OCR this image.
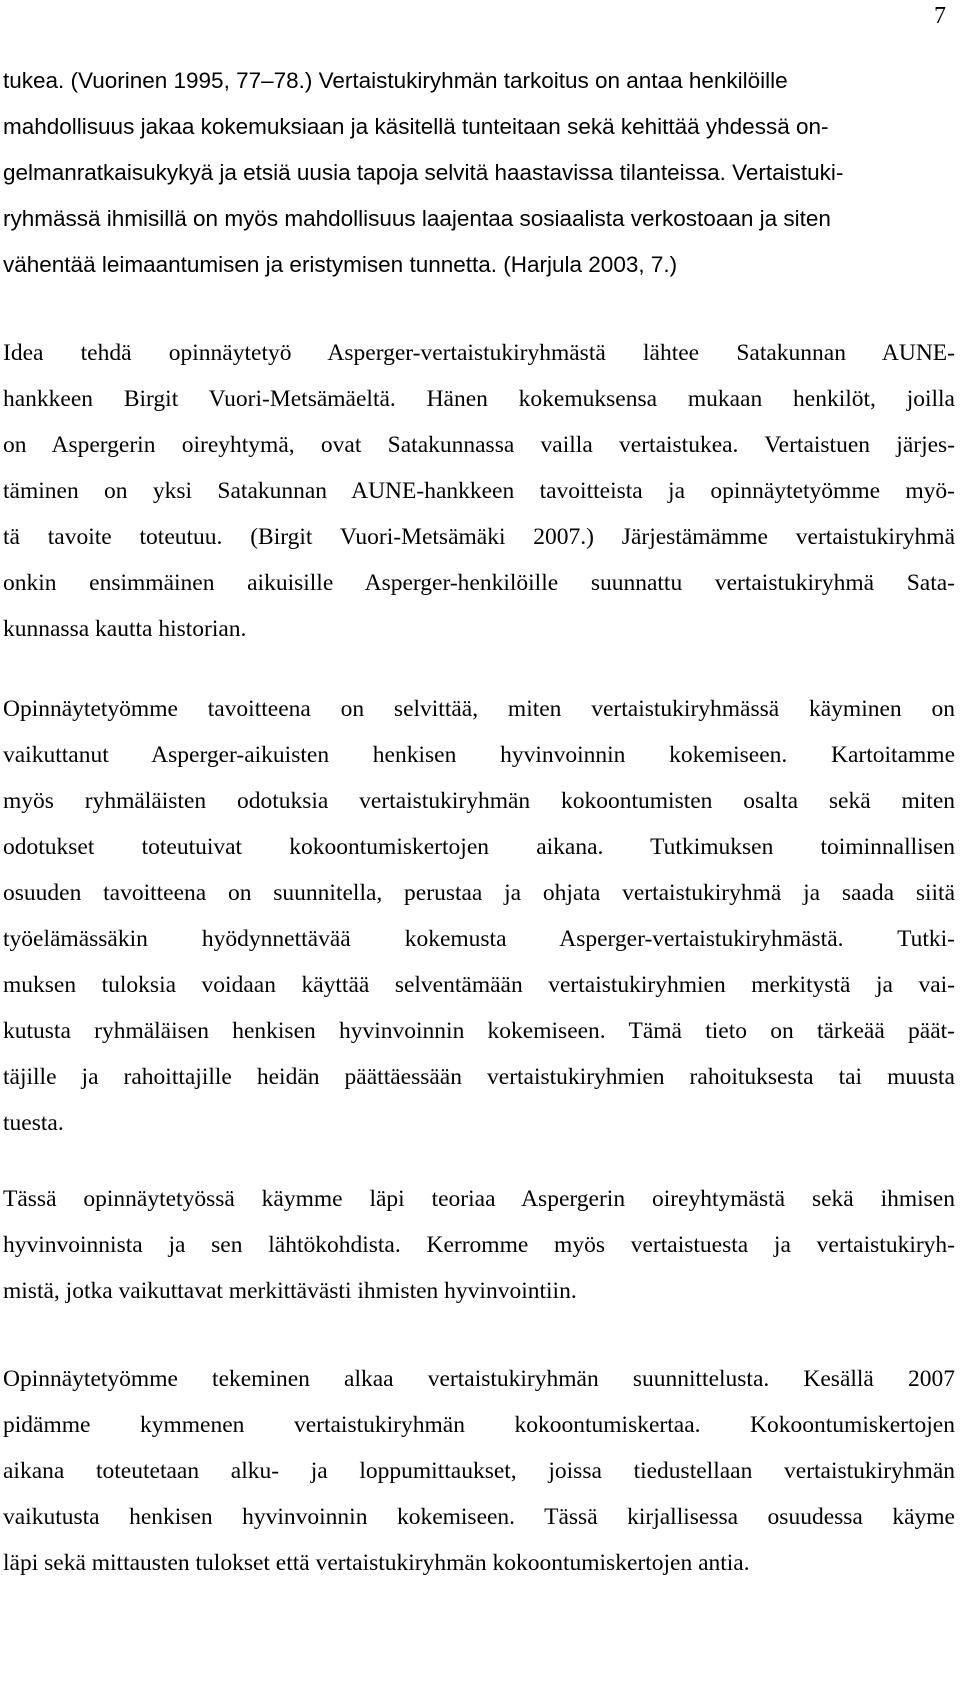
7
tukea. (Vuorinen 1995, 77–78.) Vertaistukiryhmän tarkoitus on antaa henkilöille
mahdollisuus jakaa kokemuksiaan ja käsitellä tunteitaan sekä kehittää yhdessä on-
gelmanratkaisukykyä ja etsiä uusia tapoja selvitä haastavissa tilanteissa. Vertaistuki-
ryhmässä ihmisillä on myös mahdollisuus laajentaa sosiaalista verkostoaan ja siten
vähentää leimaantumisen ja eristymisen tunnetta. (Harjula 2003, 7.)
Idea tehdä opinnäytetyö Asperger-vertaistukiryhmästä lähtee Satakunnan AUNE-
hankkeen Birgit Vuori-Metsämäeltä. Hänen kokemuksensa mukaan henkilöt, joilla
on Aspergerin oireyhtymä, ovat Satakunnassa vailla vertaistukea. Vertaistuen järjes-
täminen on yksi Satakunnan AUNE-hankkeen tavoitteista ja opinnäytetyömme myö-
tä tavoite toteutuu. (Birgit Vuori-Metsämäki 2007.) Järjestämämme vertaistukiryhmä
onkin ensimmäinen aikuisille Asperger-henkilöille suunnattu vertaistukiryhmä Sata-
kunnassa kautta historian.
Opinnäytetyömme tavoitteena on selvittää, miten vertaistukiryhmässä käyminen on
vaikuttanut Asperger-aikuisten henkisen hyvinvoinnin kokemiseen. Kartoitamme
myös ryhmäläisten odotuksia vertaistukiryhmän kokoontumisten osalta sekä miten
odotukset toteutuivat kokoontumiskertojen aikana. Tutkimuksen toiminnallisen
osuuden tavoitteena on suunnitella, perustaa ja ohjata vertaistukiryhmä ja saada siitä
työelämässäkin hyödynnettävää kokemusta Asperger-vertaistukiryhmästä. Tutki-
muksen tuloksia voidaan käyttää selventämään vertaistukiryhmien merkitystä ja vai-
kutusta ryhmäläisen henkisen hyvinvoinnin kokemiseen. Tämä tieto on tärkeää päät-
täjille ja rahoittajille heidän päättäessään vertaistukiryhmien rahoituksesta tai muusta
tuesta.
Tässä opinnäytetyössä käymme läpi teoriaa Aspergerin oireyhtymästä sekä ihmisen
hyvinvoinnista ja sen lähtökohdista. Kerromme myös vertaistuesta ja vertaistukiryh-
mistä, jotka vaikuttavat merkittävästi ihmisten hyvinvointiin.
Opinnäytetyömme tekeminen alkaa vertaistukiryhmän suunnittelusta. Kesällä 2007
pidämme kymmenen vertaistukiryhmän kokoontumiskertaa. Kokoontumiskertojen
aikana toteutetaan alku- ja loppumittaukset, joissa tiedustellaan vertaistukiryhmän
vaikutusta henkisen hyvinvoinnin kokemiseen. Tässä kirjallisessa osuudessa käyme
läpi sekä mittausten tulokset että vertaistukiryhmän kokoontumiskertojen antia.
